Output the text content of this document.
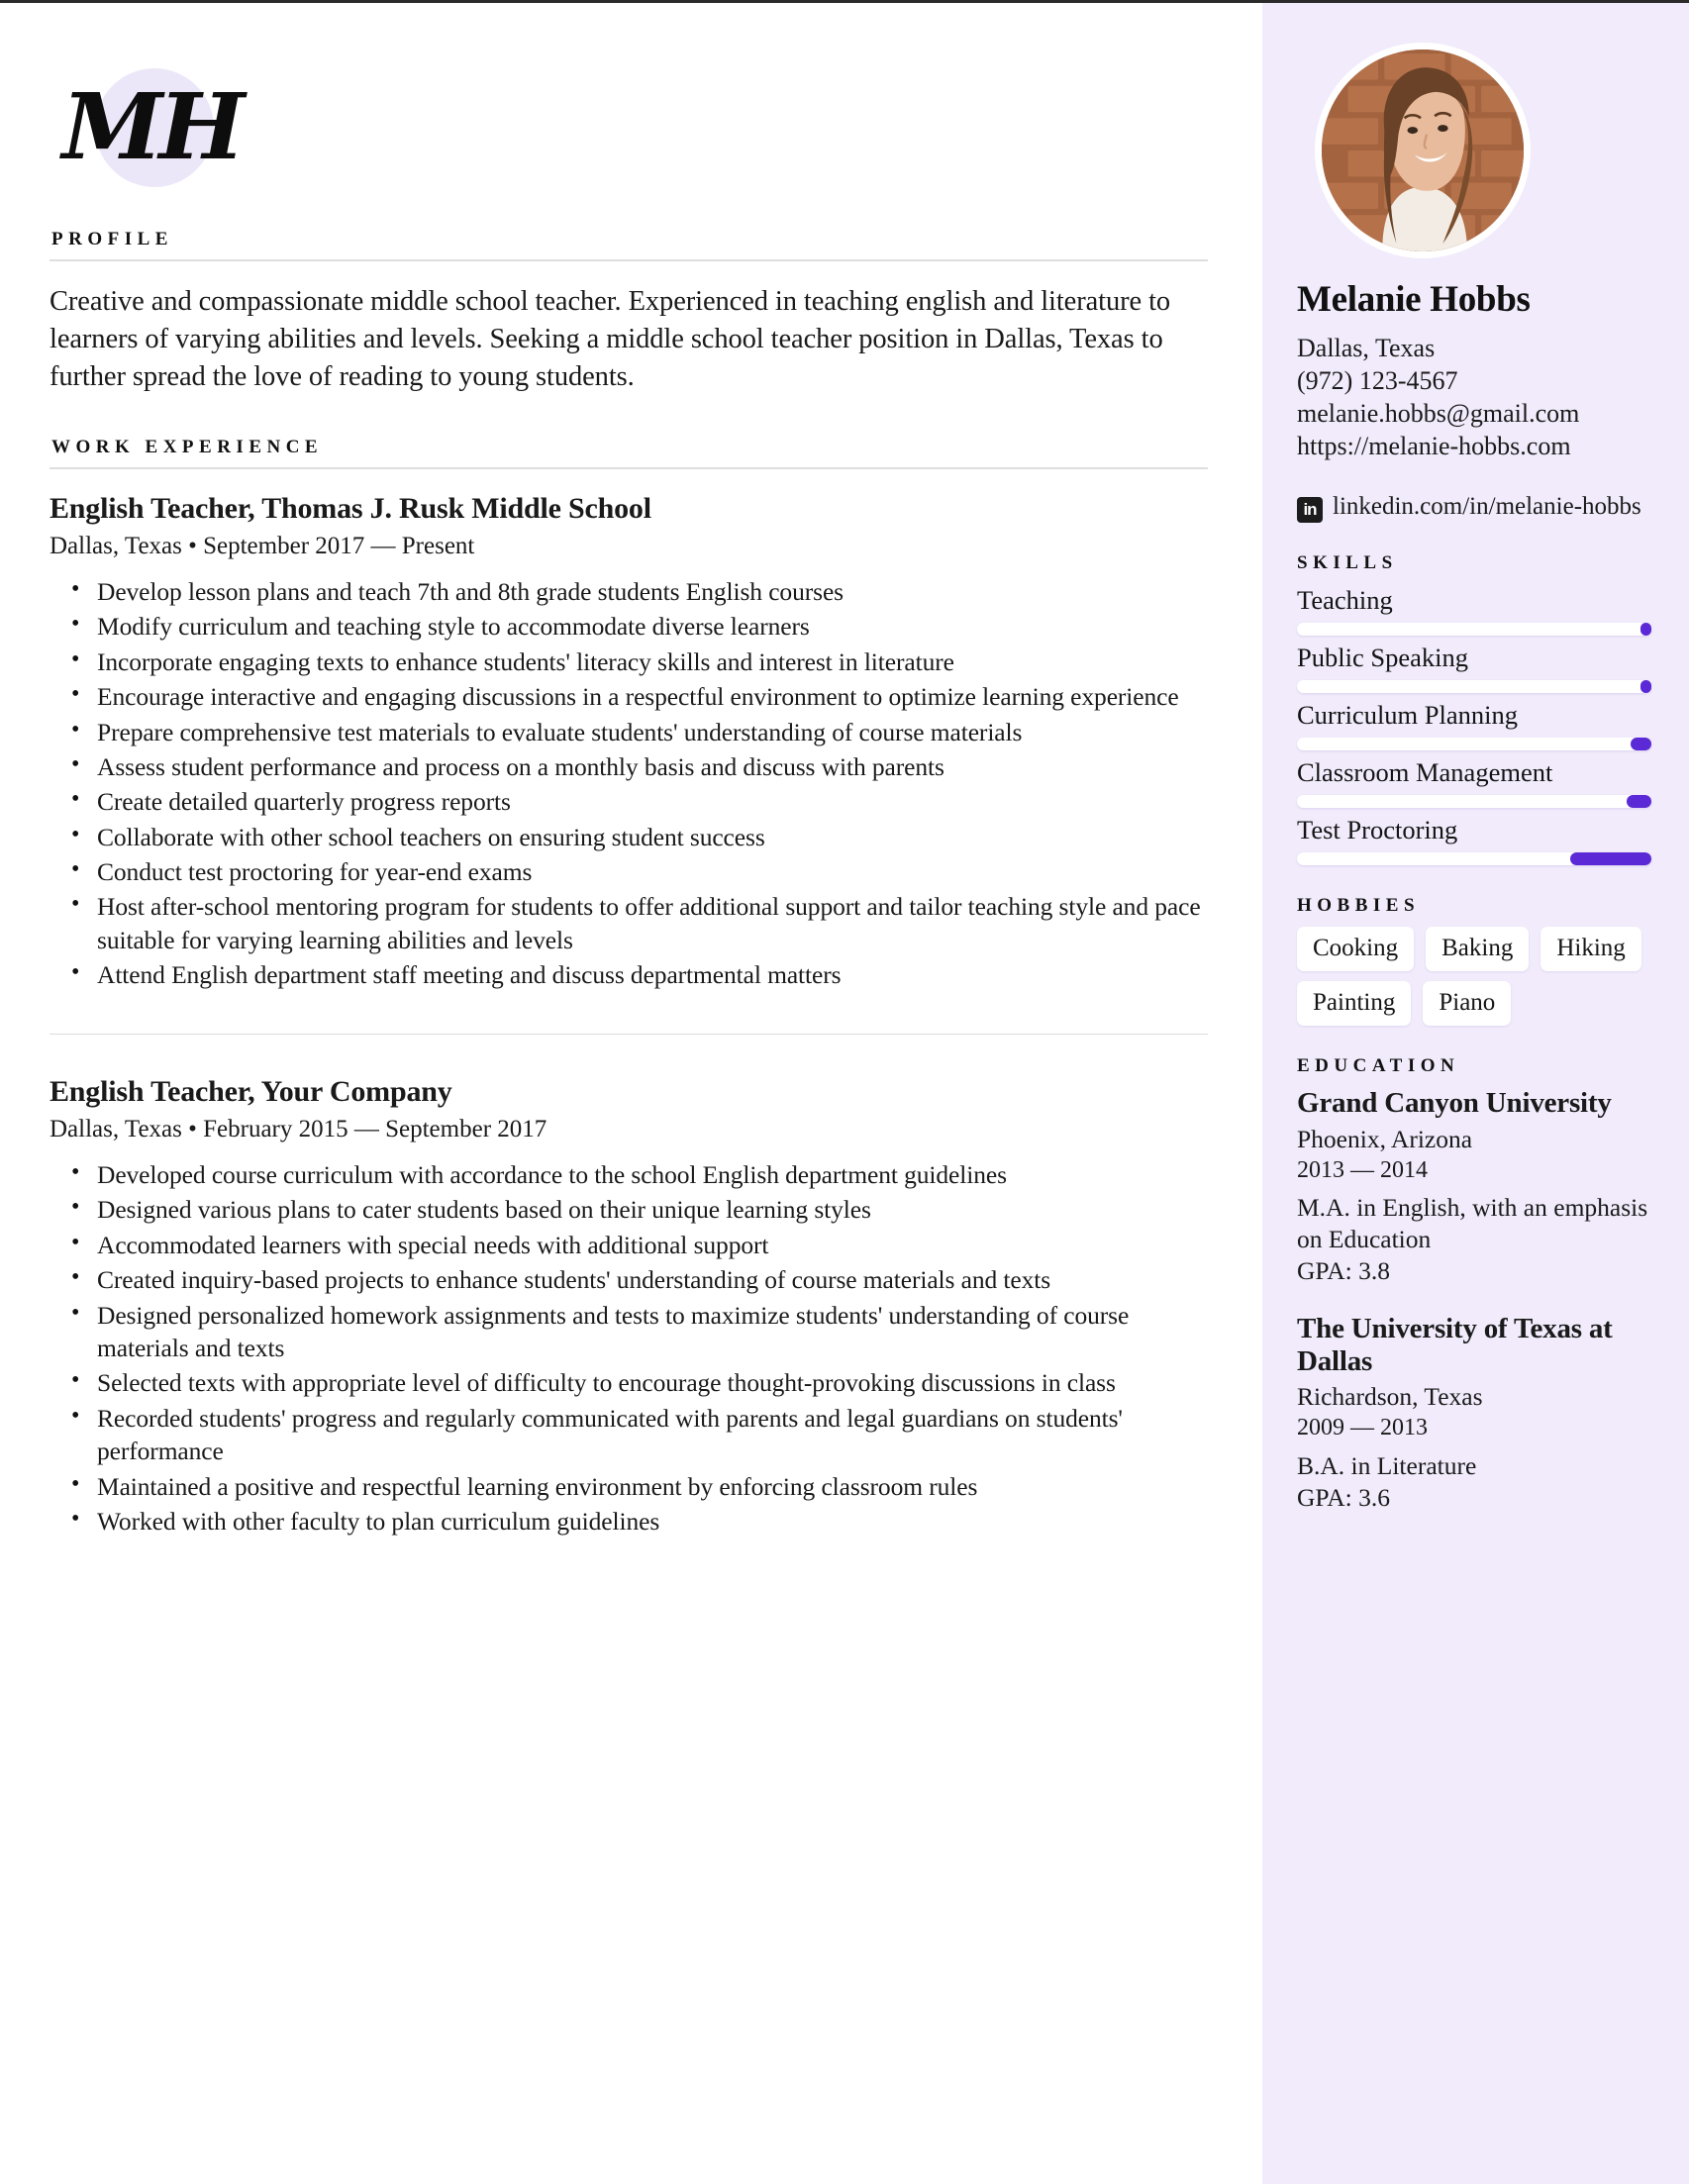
MH
PROFILE

Creative and compassionate middle school teacher. Experienced in teaching english and literature to learners of varying abilities and levels. Seeking a middle school teacher position in Dallas, Texas to further spread the love of reading to young students.

WORK EXPERIENCE
English Teacher, Thomas J. Rusk Middle School
Dallas, Texas • September 2017 — Present
• Develop lesson plans and teach 7th and 8th grade students English courses
• Modify curriculum and teaching style to accommodate diverse learners
• Incorporate engaging texts to enhance students' literacy skills and interest in literature
• Encourage interactive and engaging discussions in a respectful environment to optimize learning experience
• Prepare comprehensive test materials to evaluate students' understanding of course materials
• Assess student performance and process on a monthly basis and discuss with parents
• Create detailed quarterly progress reports
• Collaborate with other school teachers on ensuring student success
• Conduct test proctoring for year-end exams
• Host after-school mentoring program for students to offer additional support and tailor teaching style and pace suitable for varying learning abilities and levels
• Attend English department staff meeting and discuss departmental matters
English Teacher, Your Company
Dallas, Texas • February 2015 — September 2017
• Developed course curriculum with accordance to the school English department guidelines
• Designed various plans to cater students based on their unique learning styles
• Accommodated learners with special needs with additional support
• Created inquiry-based projects to enhance students' understanding of course materials and texts
• Designed personalized homework assignments and tests to maximize students' understanding of course materials and texts
• Selected texts with appropriate level of difficulty to encourage thought-provoking discussions in class
• Recorded students' progress and regularly communicated with parents and legal guardians on students' performance
• Maintained a positive and respectful learning environment by enforcing classroom rules
• Worked with other faculty to plan curriculum guidelines
Melanie Hobbs
Dallas, Texas
(972) 123-4567
melanie.hobbs@gmail.com
https://melanie-hobbs.com
in linkedin.com/in/melanie-hobbs
SKILLS
Teaching
Public Speaking
Curriculum Planning
Classroom Management
Test Proctoring
HOBBIES
Cooking	Baking	Hiking
Painting	Piano
EDUCATION
Grand Canyon University
Phoenix, Arizona
2013 — 2014
M.A. in English, with an emphasis on Education
GPA: 3.8
The University of Texas at Dallas
Richardson, Texas
2009 — 2013
B.A. in Literature
GPA: 3.6
